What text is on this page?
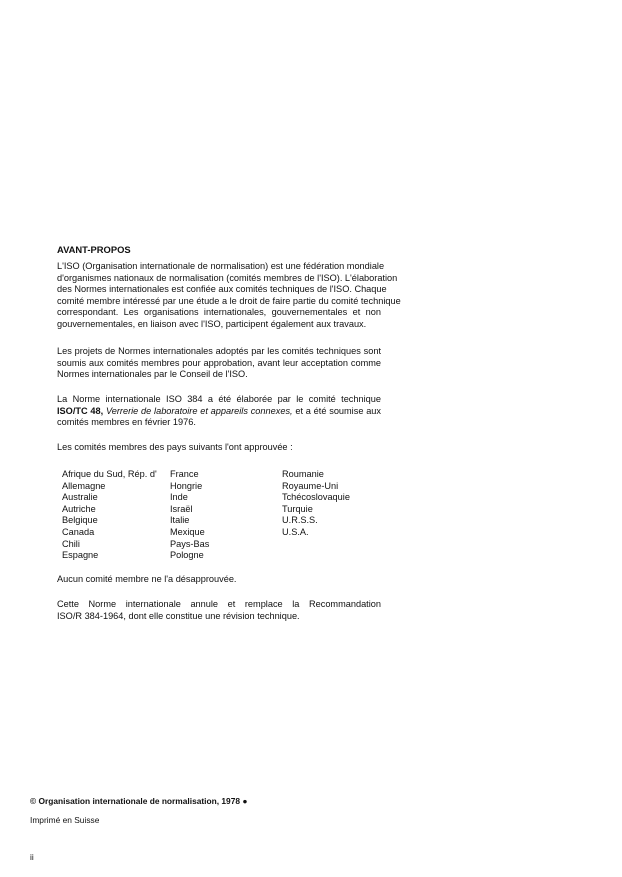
AVANT-PROPOS
L'ISO (Organisation internationale de normalisation) est une fédération mondiale
d'organismes nationaux de normalisation (comités membres de l'ISO). L'élaboration
des Normes internationales est confiée aux comités techniques de l'ISO. Chaque
comité membre intéressé par une étude a le droit de faire partie du comité technique
correspondant. Les organisations internationales, gouvernementales et non
gouvernementales, en liaison avec l'ISO, participent également aux travaux.
Les projets de Normes internationales adoptés par les comités techniques sont
soumis aux comités membres pour approbation, avant leur acceptation comme
Normes internationales par le Conseil de l'ISO.
La Norme internationale ISO 384 a été élaborée par le comité technique
ISO/TC 48, Verrerie de laboratoire et appareils connexes, et a été soumise aux
comités membres en février 1976.
Les comités membres des pays suivants l'ont approuvée :
Afrique du Sud, Rép. d'
Allemagne
Australie
Autriche
Belgique
Canada
Chili
Espagne
France
Hongrie
Inde
Israël
Italie
Mexique
Pays-Bas
Pologne
Roumanie
Royaume-Uni
Tchécoslovaquie
Turquie
U.R.S.S.
U.S.A.
Aucun comité membre ne l'a désapprouvée.
Cette Norme internationale annule et remplace la Recommandation
ISO/R 384-1964, dont elle constitue une révision technique.
© Organisation internationale de normalisation, 1978 ●
Imprimé en Suisse
ii
